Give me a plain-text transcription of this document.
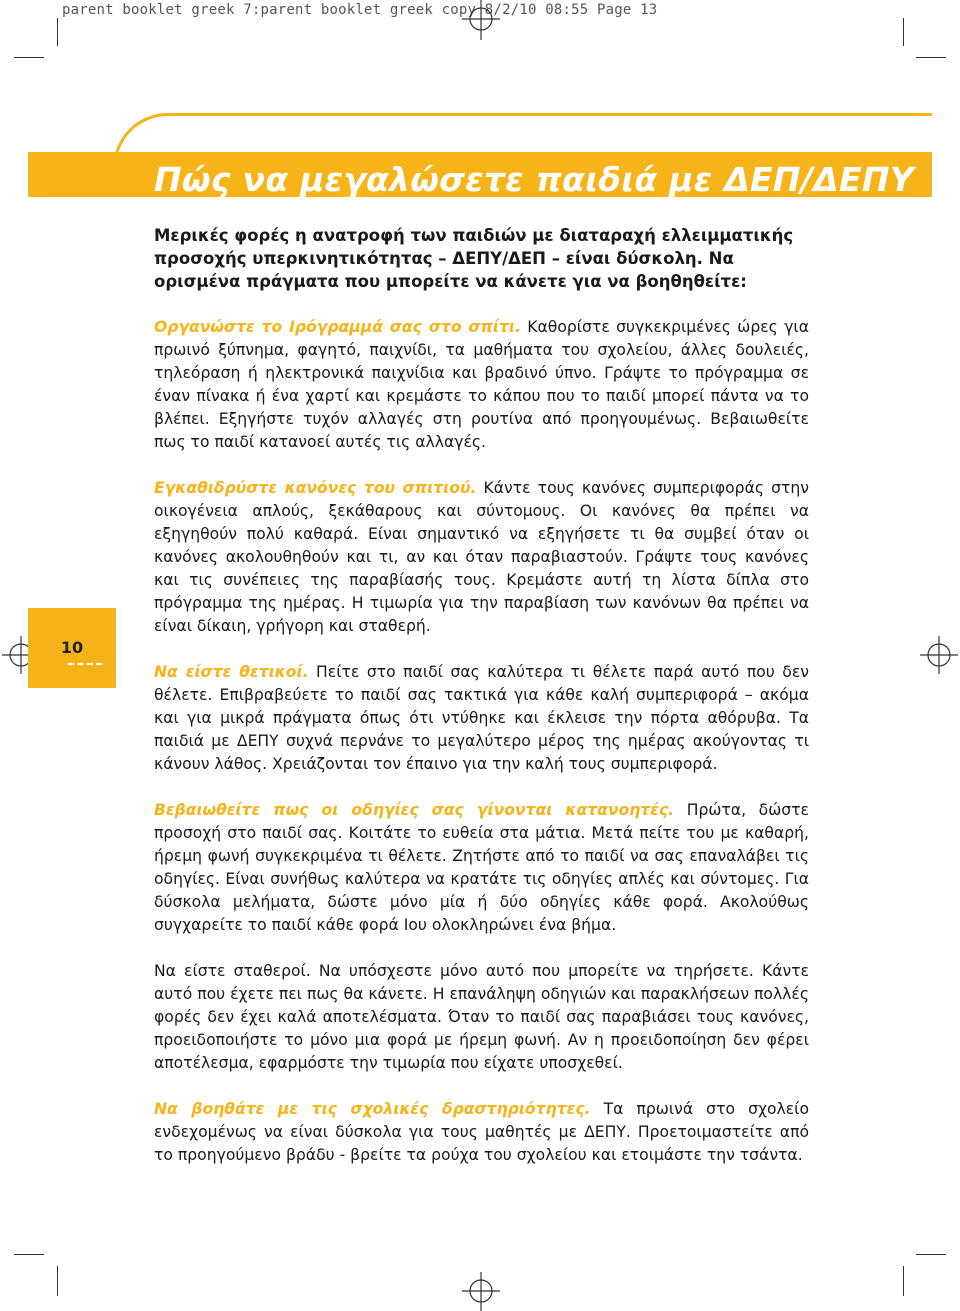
parent booklet greek 7:parent booklet greek copy 8/2/10 08:55 Page 13
Πώς να μεγαλώσετε παιδιά με ΔΕΠ/ΔΕΠΥ
Μερικές φορές η ανατροφή των παιδιών με διαταραχή ελλειμματικής προσοχής υπερκινητικότητας – ΔΕΠΥ/ΔΕΠ – είναι δύσκολη. Να ορισμένα πράγματα που μπορείτε να κάνετε για να βοηθηθείτε:

Οργανώστε το Ιρόγραμμά σας στο σπίτι. Καθορίστε συγκεκριμένες ώρες για πρωινό ξύπνημα, φαγητό, παιχνίδι, τα μαθήματα του σχολείου, άλλες δουλειές, τηλεόραση ή ηλεκτρονικά παιχνίδια και βραδινό ύπνο. Γράψτε το πρόγραμμα σε έναν πίνακα ή ένα χαρτί και κρεμάστε το κάπου που το παιδί μπορεί πάντα να το βλέπει. Εξηγήστε τυχόν αλλαγές στη ρουτίνα από προηγουμένως. Βεβαιωθείτε πως το παιδί κατανοεί αυτές τις αλλαγές.

Εγκαθιδρύστε κανόνες του σπιτιού. Κάντε τους κανόνες συμπεριφοράς στην οικογένεια απλούς, ξεκάθαρους και σύντομους. Οι κανόνες θα πρέπει να εξηγηθούν πολύ καθαρά. Είναι σημαντικό να εξηγήσετε τι θα συμβεί όταν οι κανόνες ακολουθηθούν και τι, αν και όταν παραβιαστούν. Γράψτε τους κανόνες και τις συνέπειες της παραβίασής τους. Κρεμάστε αυτή τη λίστα δίπλα στο πρόγραμμα της ημέρας. Η τιμωρία για την παραβίαση των κανόνων θα πρέπει να είναι δίκαιη, γρήγορη και σταθερή.

Να είστε θετικοί. Πείτε στο παιδί σας καλύτερα τι θέλετε παρά αυτό που δεν θέλετε. Επιβραβεύετε το παιδί σας τακτικά για κάθε καλή συμπεριφορά – ακόμα και για μικρά πράγματα όπως ότι ντύθηκε και έκλεισε την πόρτα αθόρυβα. Τα παιδιά με ΔΕΠΥ συχνά περνάνε το μεγαλύτερο μέρος της ημέρας ακούγοντας τι κάνουν λάθος. Χρειάζονται τον έπαινο για την καλή τους συμπεριφορά.

Βεβαιωθείτε πως οι οδηγίες σας γίνονται κατανοητές. Πρώτα, δώστε προσοχή στο παιδί σας. Κοιτάτε το ευθεία στα μάτια. Μετά πείτε του με καθαρή, ήρεμη φωνή συγκεκριμένα τι θέλετε. Ζητήστε από το παιδί να σας επαναλάβει τις οδηγίες. Είναι συνήθως καλύτερα να κρατάτε τις οδηγίες απλές και σύντομες. Για δύσκολα μελήματα, δώστε μόνο μία ή δύο οδηγίες κάθε φορά. Ακολούθως συγχαρείτε το παιδί κάθε φορά Ιου ολοκληρώνει ένα βήμα.

Να είστε σταθεροί. Να υπόσχεστε μόνο αυτό που μπορείτε να τηρήσετε. Κάντε αυτό που έχετε πει πως θα κάνετε. Η επανάληψη οδηγιών και παρακλήσεων πολλές φορές δεν έχει καλά αποτελέσματα. Όταν το παιδί σας παραβιάσει τους κανόνες, προειδοποιήστε το μόνο μια φορά με ήρεμη φωνή. Αν η προειδοποίηση δεν φέρει αποτέλεσμα, εφαρμόστε την τιμωρία που είχατε υποσχεθεί.

Να βοηθάτε με τις σχολικές δραστηριότητες. Τα πρωινά στο σχολείο ενδεχομένως να είναι δύσκολα για τους μαθητές με ΔΕΠΥ. Προετοιμαστείτε από το προηγούμενο βράδυ - βρείτε τα ρούχα του σχολείου και ετοιμάστε την τσάντα.

10
